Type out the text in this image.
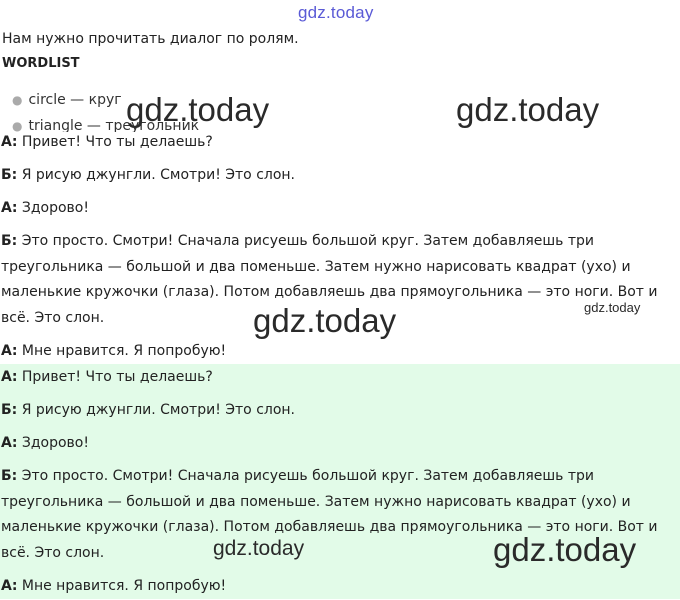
gdz.today
Нам нужно прочитать диалог по ролям.
WORDLIST
● circle — круг
● triangle — треугольник
А: Привет! Что ты делаешь?
Б: Я рисую джунгли. Смотри! Это слон.
А: Здорово!
Б: Это просто. Смотри! Сначала рисуешь большой круг. Затем добавляешь три треугольника — большой и два поменьше. Затем нужно нарисовать квадрат (ухо) и маленькие кружочки (глаза). Потом добавляешь два прямоугольника — это ноги. Вот и всё. Это слон.
А: Мне нравится. Я попробую!
А: Привет! Что ты делаешь?
Б: Я рисую джунгли. Смотри! Это слон.
А: Здорово!
Б: Это просто. Смотри! Сначала рисуешь большой круг. Затем добавляешь три треугольника — большой и два поменьше. Затем нужно нарисовать квадрат (ухо) и маленькие кружочки (глаза). Потом добавляешь два прямоугольника — это ноги. Вот и всё. Это слон.
А: Мне нравится. Я попробую!
gdz.today	gdz.today
gdz.today	gdz.today
gdz.today	gdz.today
